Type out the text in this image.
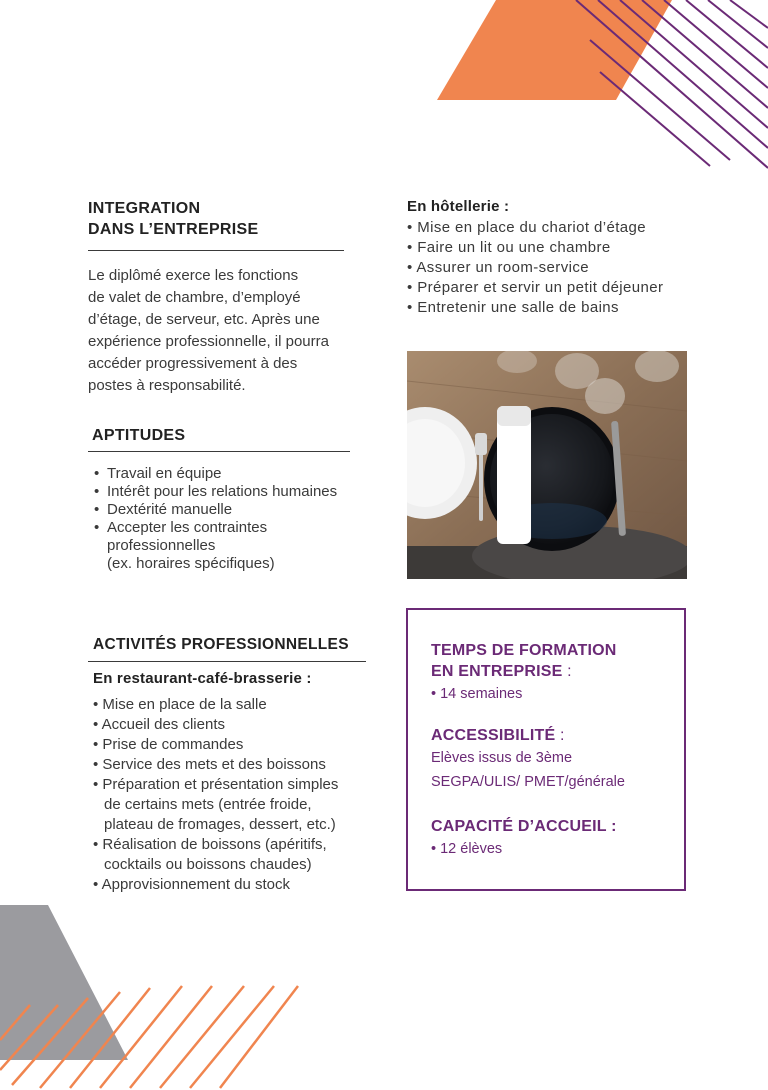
INTEGRATION
DANS L’ENTREPRISE
Le diplômé exerce les fonctions
de valet de chambre, d’employé
d’étage, de serveur, etc. Après une
expérience professionnelle, il pourra
accéder progressivement à des
postes à responsabilité.
APTITUDES
• Travail en équipe
• Intérêt pour les relations humaines
• Dextérité manuelle
• Accepter les contraintes
professionnelles
(ex. horaires spécifiques)
ACTIVITÉS PROFESSIONNELLES
En restaurant-café-brasserie :
• Mise en place de la salle
• Accueil des clients
• Prise de commandes
• Service des mets et des boissons
• Préparation et présentation simples
de certains mets (entrée froide,
plateau de fromages, dessert, etc.)
• Réalisation de boissons (apéritifs,
cocktails ou boissons chaudes)
• Approvisionnement du stock
En hôtellerie :
• Mise en place du chariot d’étage
• Faire un lit ou une chambre
• Assurer un room-service
• Préparer et servir un petit déjeuner
• Entretenir une salle de bains
TEMPS DE FORMATION
EN ENTREPRISE :
• 14 semaines
ACCESSIBILITÉ :
Elèves issus de 3ème
SEGPA/ULIS/ PMET/générale
CAPACITÉ D’ACCUEIL :
• 12 élèves
